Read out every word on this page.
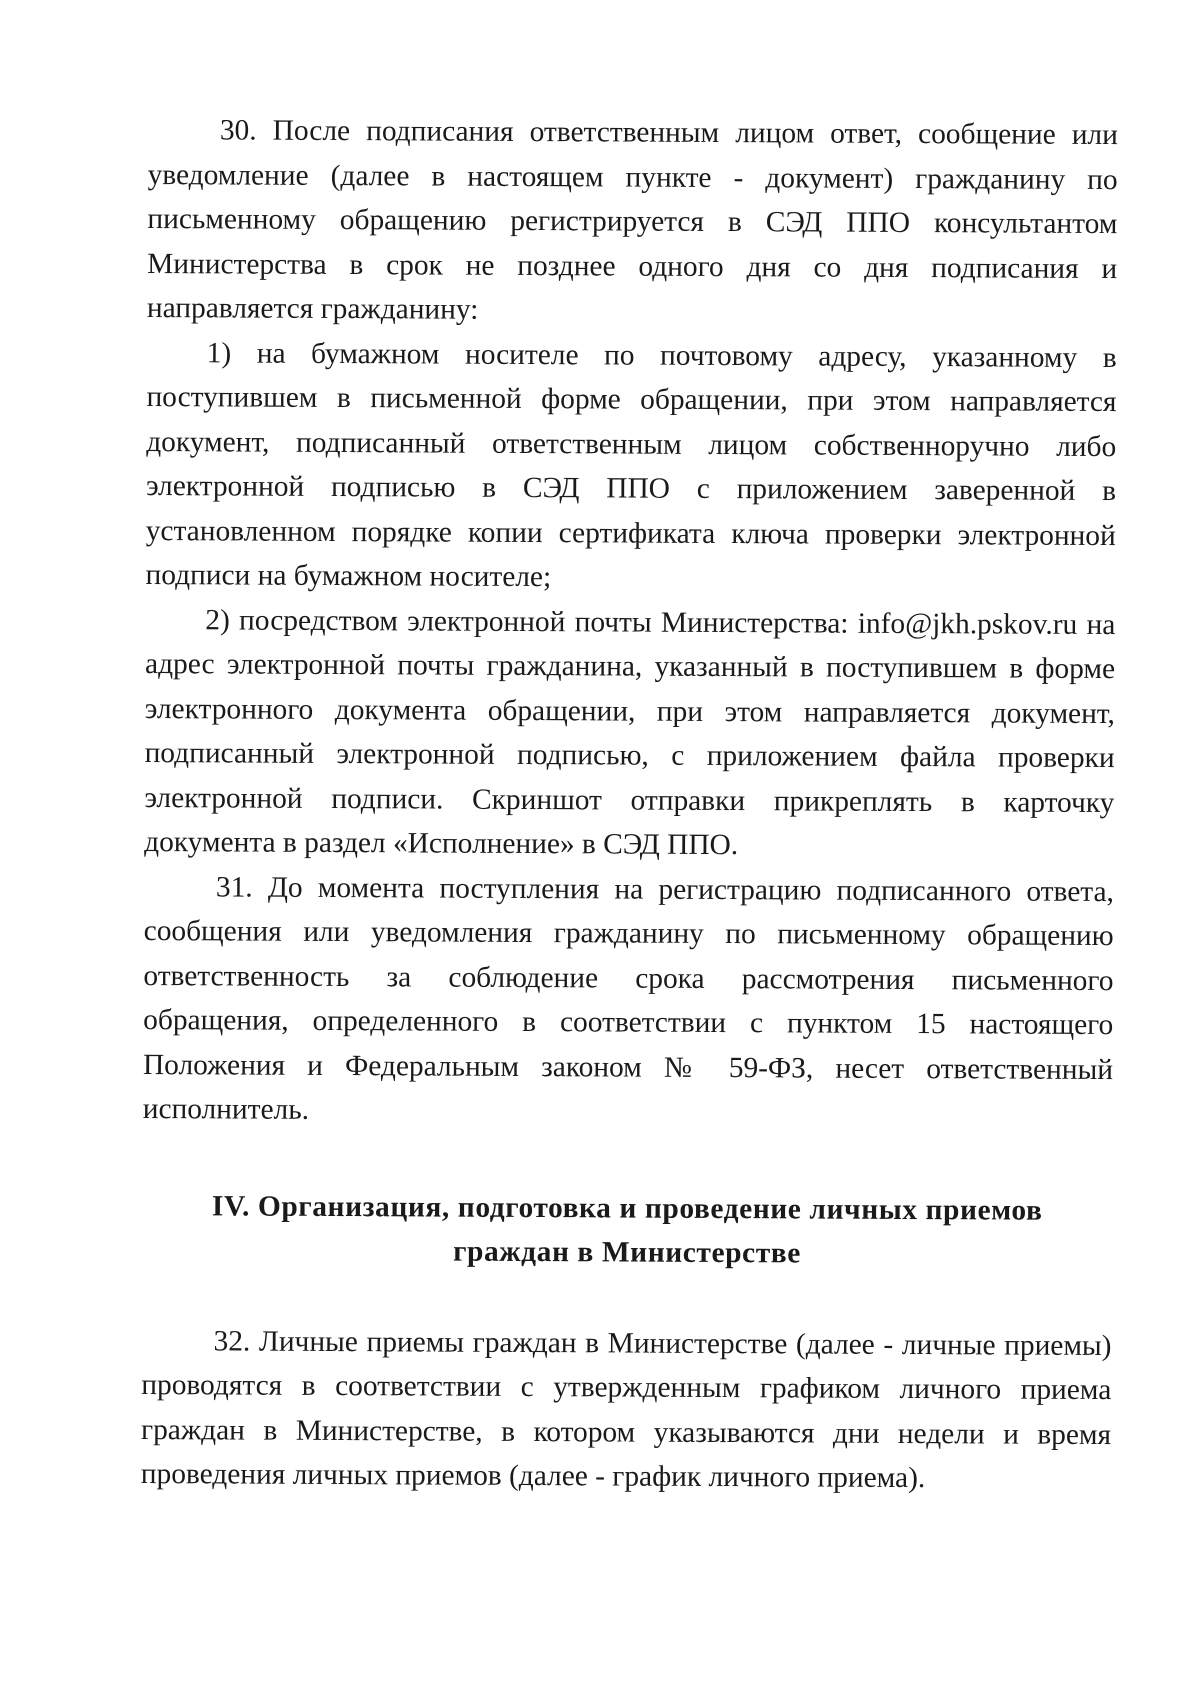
30. После подписания ответственным лицом ответ, сообщение или уведомление (далее в настоящем пункте - документ) гражданину по письменному обращению регистрируется в СЭД ППО консультантом Министерства в срок не позднее одного дня со дня подписания и направляется гражданину:

1) на бумажном носителе по почтовому адресу, указанному в поступившем в письменной форме обращении, при этом направляется документ, подписанный ответственным лицом собственноручно либо электронной подписью в СЭД ППО с приложением заверенной в установленном порядке копии сертификата ключа проверки электронной подписи на бумажном носителе;

2) посредством электронной почты Министерства: info@jkh.pskov.ru на адрес электронной почты гражданина, указанный в поступившем в форме электронного документа обращении, при этом направляется документ, подписанный электронной подписью, с приложением файла проверки электронной подписи. Скриншот отправки прикреплять в карточку документа в раздел «Исполнение» в СЭД ППО.

31. До момента поступления на регистрацию подписанного ответа, сообщения или уведомления гражданину по письменному обращению ответственность за соблюдение срока рассмотрения письменного обращения, определенного в соответствии с пунктом 15 настоящего Положения и Федеральным законом № 59-ФЗ, несет ответственный исполнитель.

IV. Организация, подготовка и проведение личных приемов
граждан в Министерстве

32. Личные приемы граждан в Министерстве (далее - личные приемы) проводятся в соответствии с утвержденным графиком личного приема граждан в Министерстве, в котором указываются дни недели и время проведения личных приемов (далее - график личного приема).
